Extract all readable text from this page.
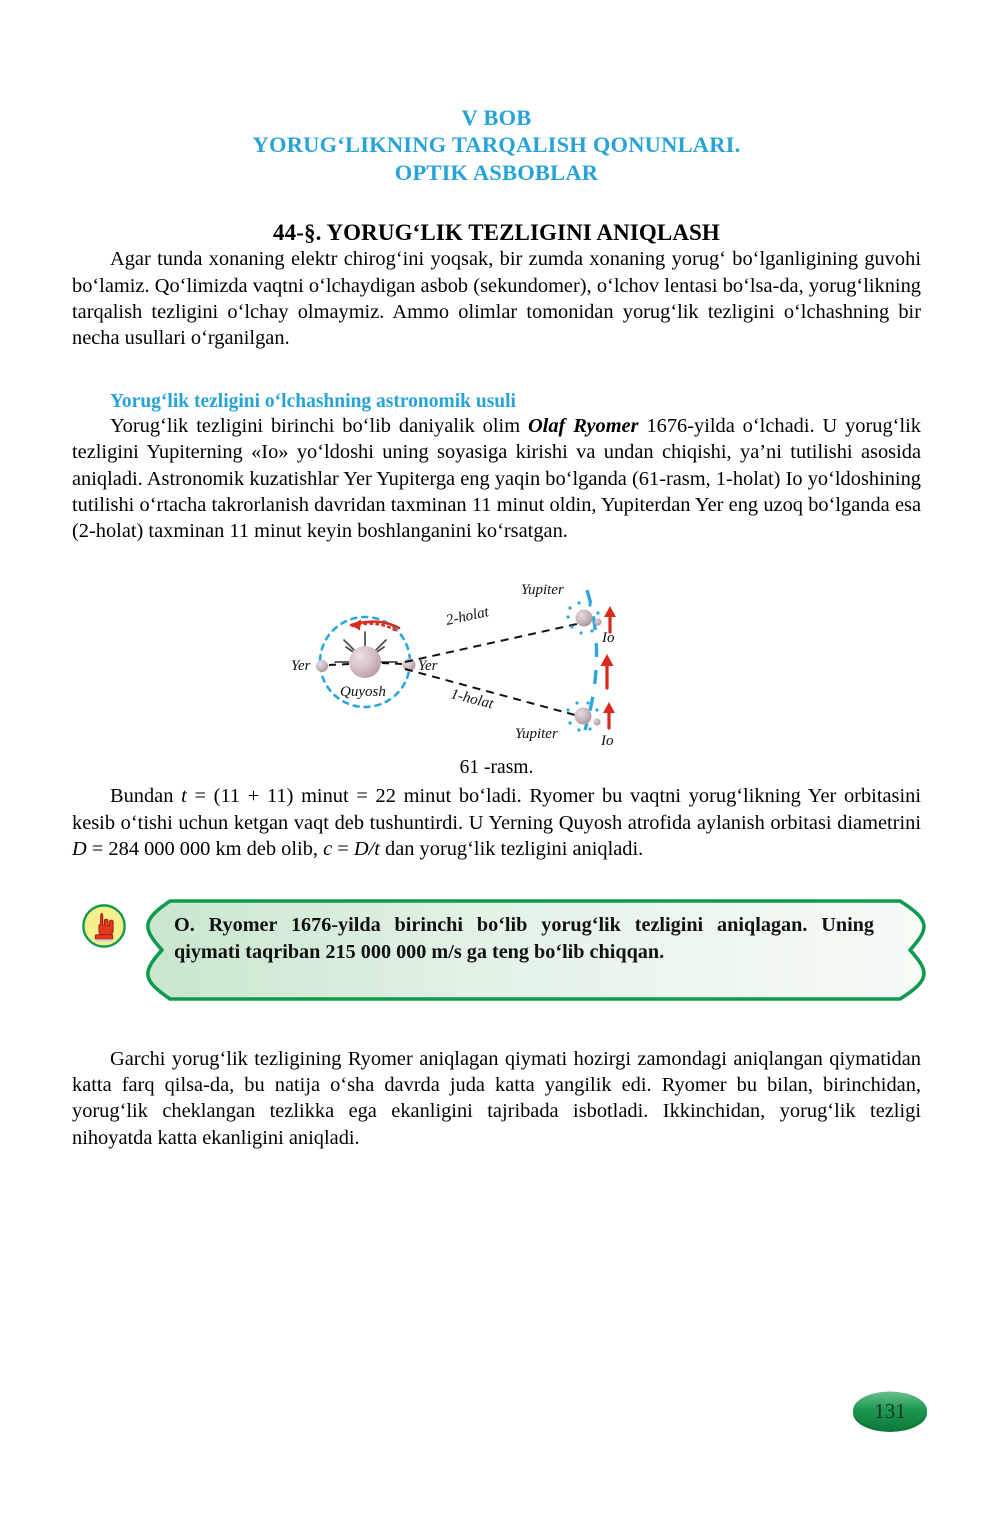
V BOB
YORUG‘LIKNING TARQALISH QONUNLARI.
OPTIK ASBOBLAR
44-§. YORUG‘LIK TEZLIGINI ANIQLASH

Agar tunda xonaning elektr chirog‘ini yoqsak, bir zumda xonaning yorug‘ bo‘lganligining guvohi bo‘lamiz. Qo‘limizda vaqtni o‘lchaydigan asbob (sekundomer), o‘lchov lentasi bo‘lsa-da, yorug‘likning tarqalish tezligini o‘lchay olmaymiz. Ammo olimlar tomonidan yorug‘lik tezligini o‘lchashning bir necha usullari o‘rganilgan.

Yorug‘lik tezligini o‘lchashning astronomik usuli

Yorug‘lik tezligini birinchi bo‘lib daniyalik olim Olaf Ryomer 1676-yilda o‘lchadi. U yorug‘lik tezligini Yupiterning «Io» yo‘ldoshi uning soyasiga kirishi va undan chiqishi, ya’ni tutilishi asosida aniqladi. Astronomik kuzatishlar Yer Yupiterga eng yaqin bo‘lganda (61-rasm, 1-holat) Io yo‘ldoshining tutilishi o‘rtacha takrorlanish davridan taxminan 11 minut oldin, Yupiterdan Yer eng uzoq bo‘lganda esa (2-holat) taxminan 11 minut keyin boshlanganini ko‘rsatgan.

Yer	Yer
Quyosh
2-holat
1-holat
Yupiter
Io
Yupiter	Io
61 -rasm.

Bundan t = (11 + 11) minut = 22 minut bo‘ladi. Ryomer bu vaqtni yorug‘likning Yer orbitasini kesib o‘tishi uchun ketgan vaqt deb tushuntirdi. U Yerning Quyosh atrofida aylanish orbitasi diametrini D = 284 000 000 km deb olib, c = D/t dan yorug‘lik tezligini aniqladi.

O. Ryomer 1676-yilda birinchi bo‘lib yorug‘lik tezligini aniqlagan. Uning qiymati taqriban 215 000 000 m/s ga teng bo‘lib chiqqan.

Garchi yorug‘lik tezligining Ryomer aniqlagan qiymati hozirgi zamondagi aniqlangan qiymatidan katta farq qilsa-da, bu natija o‘sha davrda juda katta yangilik edi. Ryomer bu bilan, birinchidan, yorug‘lik cheklangan tezlikka ega ekanligini tajribada isbotladi. Ikkinchidan, yorug‘lik tezligi nihoyatda katta ekanligini aniqladi.

131
